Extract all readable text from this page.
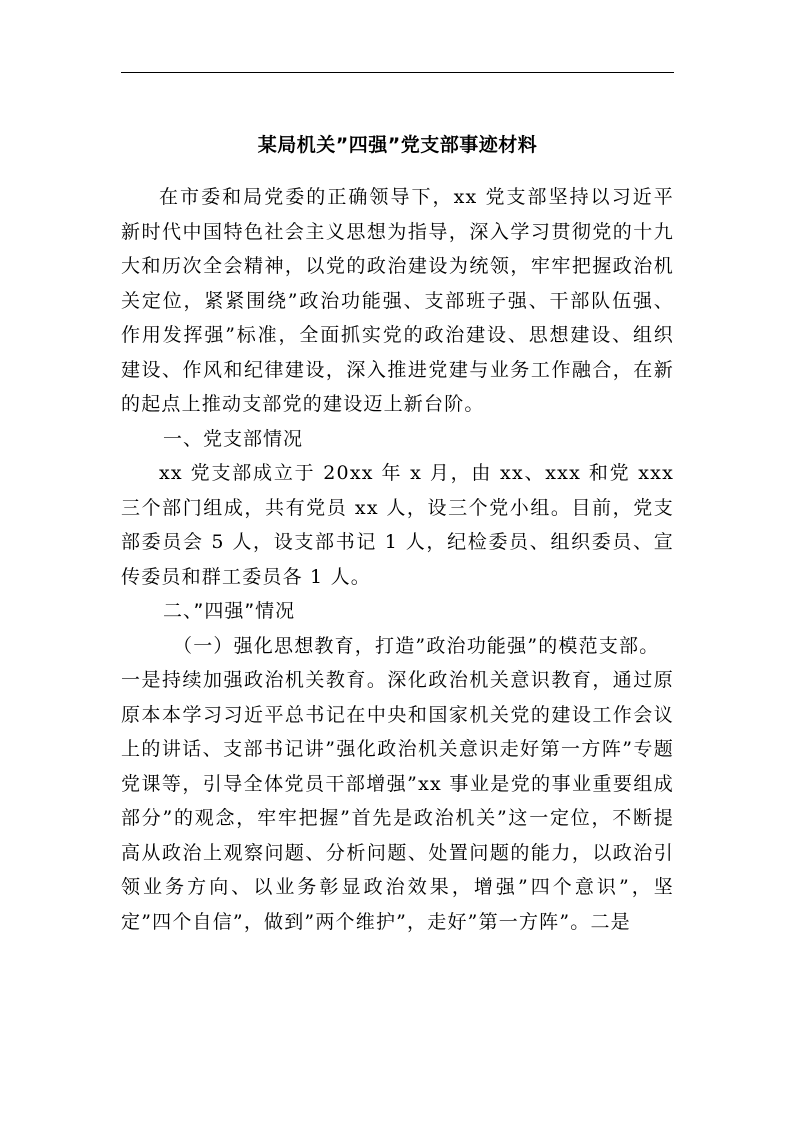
某局机关”四强”党支部事迹材料

在市委和局党委的正确领导下，xx 党支部坚持以习近平新时代中国特色社会主义思想为指导，深入学习贯彻党的十九大和历次全会精神，以党的政治建设为统领，牢牢把握政治机关定位，紧紧围绕”政治功能强、支部班子强、干部队伍强、作用发挥强”标准，全面抓实党的政治建设、思想建设、组织建设、作风和纪律建设，深入推进党建与业务工作融合，在新的起点上推动支部党的建设迈上新台阶。

一、党支部情况

xx 党支部成立于 20xx 年 x 月，由 xx、xxx 和党 xxx 三个部门组成，共有党员 xx 人，设三个党小组。目前，党支部委员会 5 人，设支部书记 1 人，纪检委员、组织委员、宣传委员和群工委员各 1 人。

二、”四强”情况

（一）强化思想教育，打造”政治功能强”的模范支部。
一是持续加强政治机关教育。深化政治机关意识教育，通过原原本本学习习近平总书记在中央和国家机关党的建设工作会议上的讲话、支部书记讲”强化政治机关意识走好第一方阵”专题党课等，引导全体党员干部增强”xx 事业是党的事业重要组成部分”的观念，牢牢把握”首先是政治机关”这一定位，不断提高从政治上观察问题、分析问题、处置问题的能力，以政治引领业务方向、以业务彰显政治效果，增强”四个意识”，坚定”四个自信”，做到”两个维护”，走好”第一方阵”。二是
